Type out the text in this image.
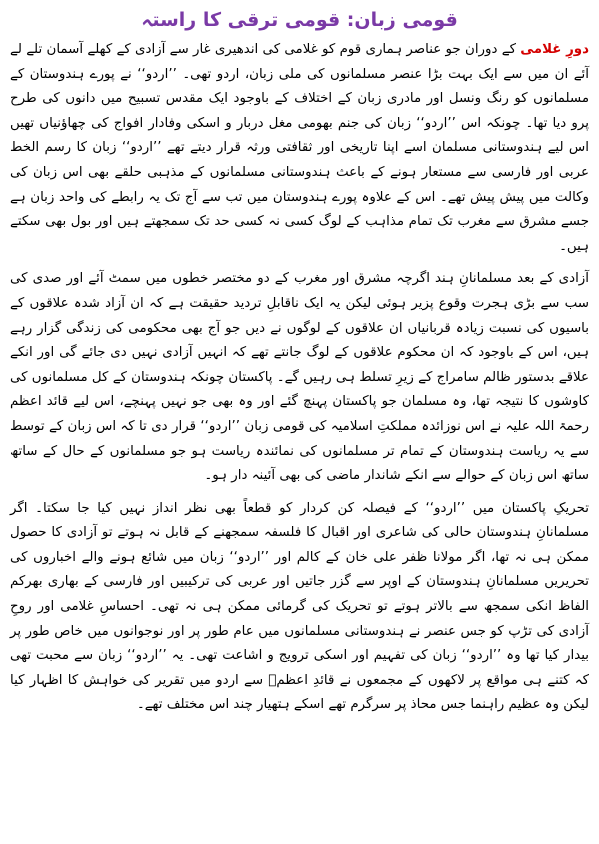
قومی زبان: قومی ترقی کا راستہ

دورِ غلامی کے دوران جو عناصر ہماری قوم کو غلامی کی اندھیری غار سے آزادی کے کھلے آسمان تلے لے آئے ان میں سے ایک بہت بڑا عنصر مسلمانوں کی ملی زبان، اردو تھی۔ ’’اردو‘‘ نے پورے ہندوستان کے مسلمانوں کو رنگ ونسل اور مادری زبان کے اختلاف کے باوجود ایک مقدس تسبیح میں دانوں کی طرح پرو دیا تھا۔ چونکہ اس ’’اردو‘‘ زبان کی جنم بھومی مغل دربار و اسکی وفادار افواج کی چھاؤنیاں تھیں اس لیے ہندوستانی مسلمان اسے اپنا تاریخی اور ثقافتی ورثہ قرار دیتے تھے ’’اردو‘‘ زبان کا رسم الخط عربی اور فارسی سے مستعار ہونے کے باعث ہندوستانی مسلمانوں کے مذہبی حلقے بھی اس زبان کی وکالت میں پیش پیش تھے۔ اس کے علاوہ پورے ہندوستان میں تب سے آج تک یہ رابطے کی واحد زبان ہے جسے مشرق سے مغرب تک تمام مذاہب کے لوگ کسی نہ کسی حد تک سمجھتے ہیں اور بول بھی سکتے ہیں۔

آزادی کے بعد مسلمانانِ ہند اگرچہ مشرق اور مغرب کے دو مختصر خطوں میں سمٹ آئے اور صدی کی سب سے بڑی ہجرت وقوع پزیر ہوئی لیکن یہ ایک ناقابلِ تردید حقیقت ہے کہ ان آزاد شدہ علاقوں کے باسیوں کی نسبت زیادہ قربانیاں ان علاقوں کے لوگوں نے دیں جو آج بھی محکومی کی زندگی گزار رہے ہیں، اس کے باوجود کہ ان محکوم علاقوں کے لوگ جانتے تھے کہ انہیں آزادی نہیں دی جائے گی اور انکے علاقے بدستور ظالم سامراج کے زیرِ تسلط ہی رہیں گے۔ پاکستان چونکہ ہندوستان کے کل مسلمانوں کی کاوشوں کا نتیجہ تھا، وہ مسلمان جو پاکستان پہنچ گئے اور وہ بھی جو نہیں پہنچے، اس لیے قائد اعظم رحمۃ اللہ علیہ نے اس نوزائدہ مملکتِ اسلامیہ کی قومی زبان ’’اردو‘‘ قرار دی تا کہ اس زبان کے توسط سے یہ ریاست ہندوستان کے تمام تر مسلمانوں کی نمائندہ ریاست ہو جو مسلمانوں کے حال کے ساتھ ساتھ اس زبان کے حوالے سے انکے شاندار ماضی کی بھی آئینہ دار ہو۔

تحریکِ پاکستان میں ’’اردو‘‘ کے فیصلہ کن کردار کو قطعاً بھی نظر انداز نہیں کیا جا سکتا۔ اگر مسلمانانِ ہندوستان حالی کی شاعری اور اقبال کا فلسفہ سمجھنے کے قابل نہ ہوتے تو آزادی کا حصول ممکن ہی نہ تھا، اگر مولانا ظفر علی خان کے کالم اور ’’اردو‘‘ زبان میں شائع ہونے والے اخباروں کی تحریریں مسلمانانِ ہندوستان کے اوپر سے گزر جاتیں اور عربی کی ترکیبیں اور فارسی کے بھاری بھرکم الفاظ انکی سمجھ سے بالاتر ہوتے تو تحریک کی گرمائی ممکن ہی نہ تھی۔ احساسِ غلامی اور روحِ آزادی کی تڑپ کو جس عنصر نے ہندوستانی مسلمانوں میں عام طور پر اور نوجوانوں میں خاص طور پر بیدار کیا تھا وہ ’’اردو‘‘ زبان کی تفہیم اور اسکی ترویج و اشاعت تھی۔ یہ ’’اردو‘‘ زبان سے محبت تھی کہ کتنے ہی مواقع پر لاکھوں کے مجمعوں نے قائدِ اعظمؒ سے اردو میں تقریر کی خواہش کا اظہار کیا لیکن وہ عظیم راہنما جس محاذ پر سرگرم تھے اسکے ہتھیار چند اس مختلف تھے۔
